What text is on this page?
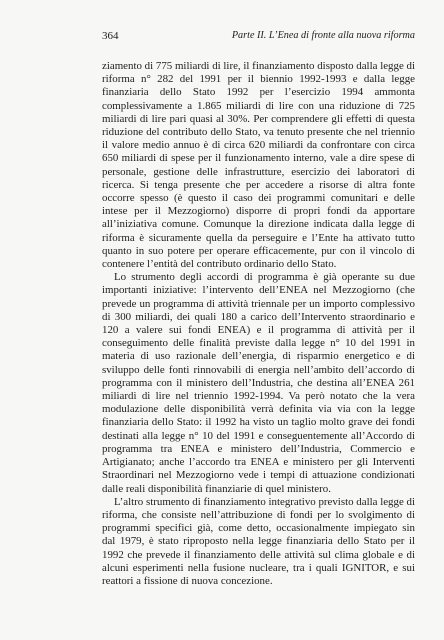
364	Parte II. L’Enea di fronte alla nuova riforma

ziamento di 775 miliardi di lire, il finanziamento disposto dalla legge di riforma n° 282 del 1991 per il biennio 1992-1993 e dalla legge finanziaria dello Stato 1992 per l’esercizio 1994 ammonta complessivamente a 1.865 miliardi di lire con una riduzione di 725 miliardi di lire pari quasi al 30%. Per comprendere gli effetti di questa riduzione del contributo dello Stato, va tenuto presente che nel triennio il valore medio annuo è di circa 620 miliardi da confrontare con circa 650 miliardi di spese per il funzionamento interno, vale a dire spese di personale, gestione delle infrastrutture, esercizio dei laboratori di ricerca. Si tenga presente che per accedere a risorse di altra fonte occorre spesso (è questo il caso dei programmi comunitari e delle intese per il Mezzogiorno) disporre di propri fondi da apportare all’iniziativa comune. Comunque la direzione indicata dalla legge di riforma è sicuramente quella da perseguire e l’Ente ha attivato tutto quanto in suo potere per operare efficacemente, pur con il vincolo di contenere l’entità del contributo ordinario dello Stato.

Lo strumento degli accordi di programma è già operante su due importanti iniziative: l’intervento dell’ENEA nel Mezzogiorno (che prevede un programma di attività triennale per un importo complessivo di 300 miliardi, dei quali 180 a carico dell’Intervento straordinario e 120 a valere sui fondi ENEA) e il programma di attività per il conseguimento delle finalità previste dalla legge n° 10 del 1991 in materia di uso razionale dell’energia, di risparmio energetico e di sviluppo delle fonti rinnovabili di energia nell’ambito dell’accordo di programma con il ministero dell’Industria, che destina all’ENEA 261 miliardi di lire nel triennio 1992-1994. Va però notato che la vera modulazione delle disponibilità verrà definita via via con la legge finanziaria dello Stato: il 1992 ha visto un taglio molto grave dei fondi destinati alla legge n° 10 del 1991 e conseguentemente all’Accordo di programma tra ENEA e ministero dell’Industria, Commercio e Artigianato; anche l’accordo tra ENEA e ministero per gli Interventi Straordinari nel Mezzogiorno vede i tempi di attuazione condizionati dalle reali disponibilità finanziarie di quel ministero.

L’altro strumento di finanziamento integrativo previsto dalla legge di riforma, che consiste nell’attribuzione di fondi per lo svolgimento di programmi specifici già, come detto, occasionalmente impiegato sin dal 1979, è stato riproposto nella legge finanziaria dello Stato per il 1992 che prevede il finanziamento delle attività sul clima globale e di alcuni esperimenti nella fusione nucleare, tra i quali IGNITOR, e sui reattori a fissione di nuova concezione.
